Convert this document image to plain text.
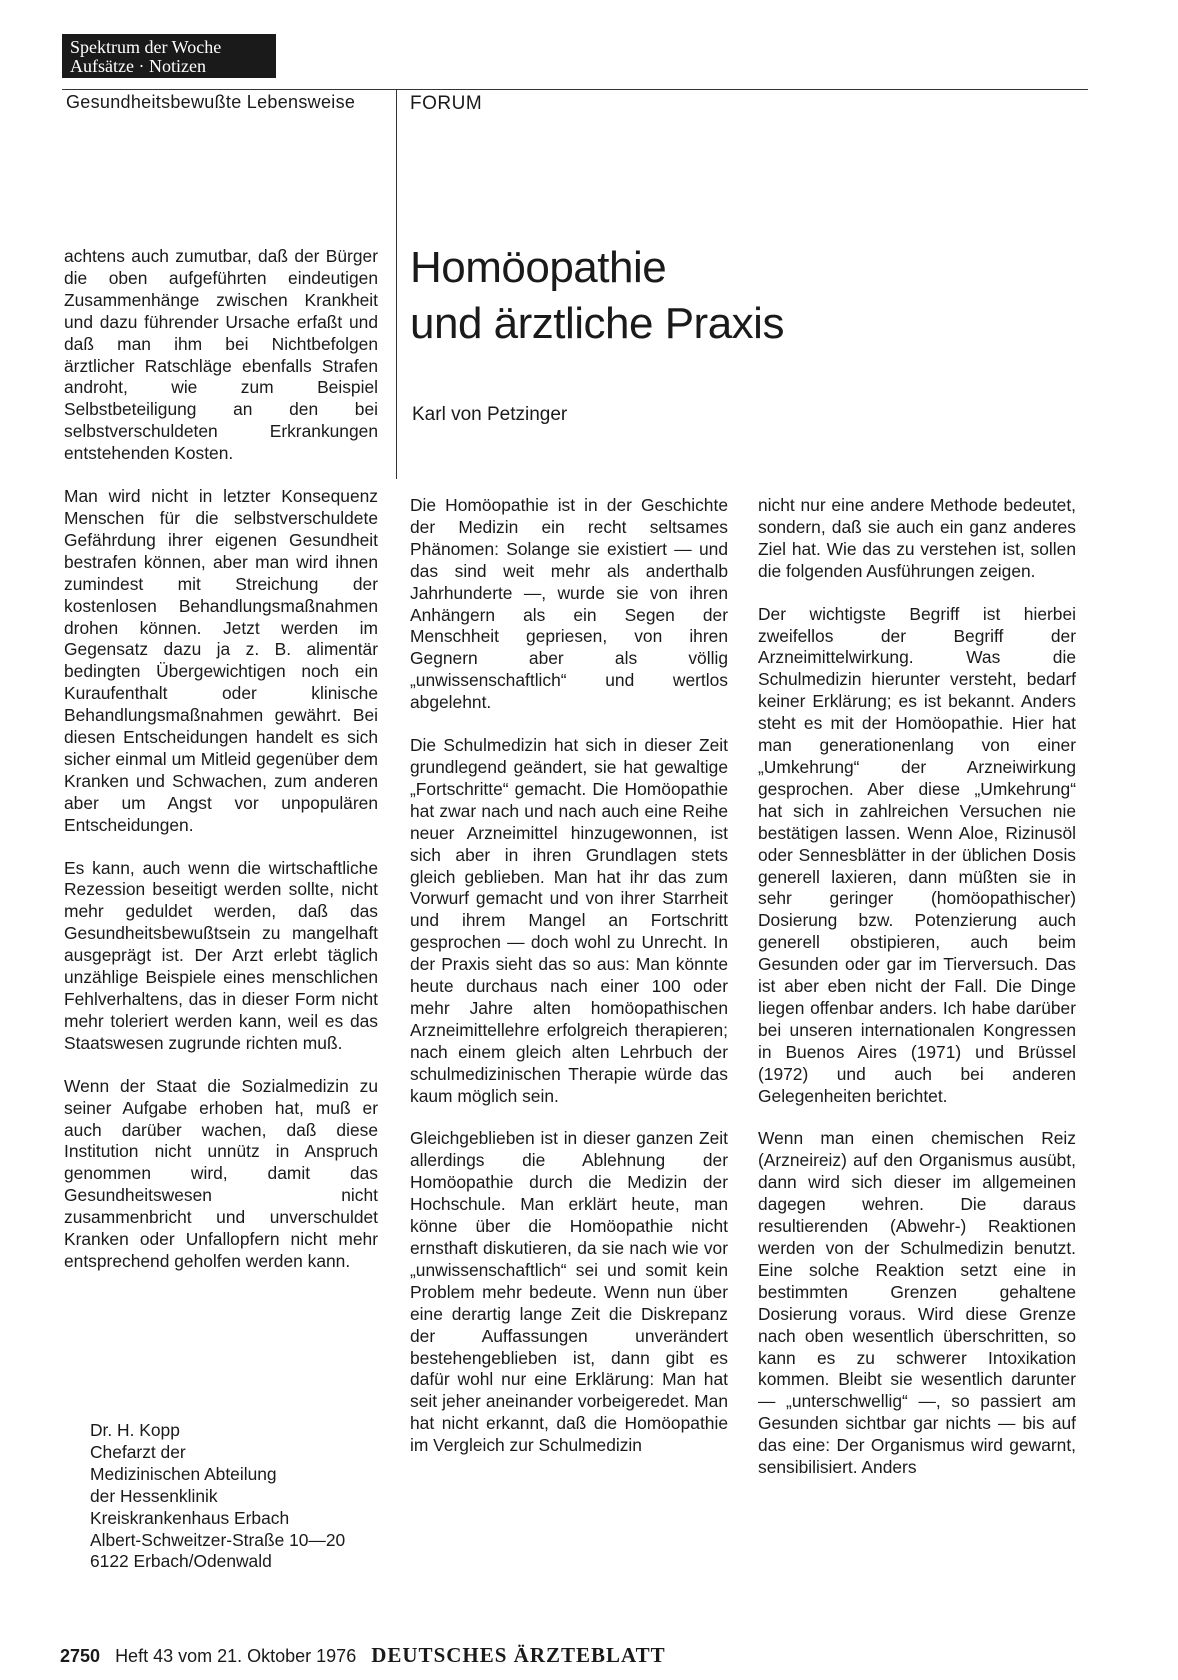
Spektrum der Woche
Aufsätze · Notizen
Gesundheitsbewußte Lebensweise	FORUM
Homöopathie
und ärztliche Praxis
Karl von Petzinger

achtens auch zumutbar, daß der Bürger die oben aufgeführten eindeutigen Zusammenhänge zwischen Krankheit und dazu führender Ursache erfaßt und daß man ihm bei Nichtbefolgen ärztlicher Ratschläge ebenfalls Strafen androht, wie zum Beispiel Selbstbeteiligung an den bei selbstverschuldeten Erkrankungen entstehenden Kosten.

Man wird nicht in letzter Konsequenz Menschen für die selbstverschuldete Gefährdung ihrer eigenen Gesundheit bestrafen können, aber man wird ihnen zumindest mit Streichung der kostenlosen Behandlungsmaßnahmen drohen können. Jetzt werden im Gegensatz dazu ja z. B. alimentär bedingten Übergewichtigen noch ein Kuraufenthalt oder klinische Behandlungsmaßnahmen gewährt. Bei diesen Entscheidungen handelt es sich sicher einmal um Mitleid gegenüber dem Kranken und Schwachen, zum anderen aber um Angst vor unpopulären Entscheidungen.

Es kann, auch wenn die wirtschaftliche Rezession beseitigt werden sollte, nicht mehr geduldet werden, daß das Gesundheitsbewußtsein zu mangelhaft ausgeprägt ist. Der Arzt erlebt täglich unzählige Beispiele eines menschlichen Fehlverhaltens, das in dieser Form nicht mehr toleriert werden kann, weil es das Staatswesen zugrunde richten muß.

Wenn der Staat die Sozialmedizin zu seiner Aufgabe erhoben hat, muß er auch darüber wachen, daß diese Institution nicht unnütz in Anspruch genommen wird, damit das Gesundheitswesen nicht zusammenbricht und unverschuldet Kranken oder Unfallopfern nicht mehr entsprechend geholfen werden kann.

Dr. H. Kopp
Chefarzt der
Medizinischen Abteilung
der Hessenklinik
Kreiskrankenhaus Erbach
Albert-Schweitzer-Straße 10—20
6122 Erbach/Odenwald

Die Homöopathie ist in der Geschichte der Medizin ein recht seltsames Phänomen: Solange sie existiert — und das sind weit mehr als anderthalb Jahrhunderte —, wurde sie von ihren Anhängern als ein Segen der Menschheit gepriesen, von ihren Gegnern aber als völlig „unwissenschaftlich“ und wertlos abgelehnt.

Die Schulmedizin hat sich in dieser Zeit grundlegend geändert, sie hat gewaltige „Fortschritte“ gemacht. Die Homöopathie hat zwar nach und nach auch eine Reihe neuer Arzneimittel hinzugewonnen, ist sich aber in ihren Grundlagen stets gleich geblieben. Man hat ihr das zum Vorwurf gemacht und von ihrer Starrheit und ihrem Mangel an Fortschritt gesprochen — doch wohl zu Unrecht. In der Praxis sieht das so aus: Man könnte heute durchaus nach einer 100 oder mehr Jahre alten homöopathischen Arzneimittellehre erfolgreich therapieren; nach einem gleich alten Lehrbuch der schulmedizinischen Therapie würde das kaum möglich sein.

Gleichgeblieben ist in dieser ganzen Zeit allerdings die Ablehnung der Homöopathie durch die Medizin der Hochschule. Man erklärt heute, man könne über die Homöopathie nicht ernsthaft diskutieren, da sie nach wie vor „unwissenschaftlich“ sei und somit kein Problem mehr bedeute. Wenn nun über eine derartig lange Zeit die Diskrepanz der Auffassungen unverändert bestehengeblieben ist, dann gibt es dafür wohl nur eine Erklärung: Man hat seit jeher aneinander vorbeigeredet. Man hat nicht erkannt, daß die Homöopathie im Vergleich zur Schulmedizin

nicht nur eine andere Methode bedeutet, sondern, daß sie auch ein ganz anderes Ziel hat. Wie das zu verstehen ist, sollen die folgenden Ausführungen zeigen.

Der wichtigste Begriff ist hierbei zweifellos der Begriff der Arzneimittelwirkung. Was die Schulmedizin hierunter versteht, bedarf keiner Erklärung; es ist bekannt. Anders steht es mit der Homöopathie. Hier hat man generationenlang von einer „Umkehrung“ der Arzneiwirkung gesprochen. Aber diese „Umkehrung“ hat sich in zahlreichen Versuchen nie bestätigen lassen. Wenn Aloe, Rizinusöl oder Sennesblätter in der üblichen Dosis generell laxieren, dann müßten sie in sehr geringer (homöopathischer) Dosierung bzw. Potenzierung auch generell obstipieren, auch beim Gesunden oder gar im Tierversuch. Das ist aber eben nicht der Fall. Die Dinge liegen offenbar anders. Ich habe darüber bei unseren internationalen Kongressen in Buenos Aires (1971) und Brüssel (1972) und auch bei anderen Gelegenheiten berichtet.

Wenn man einen chemischen Reiz (Arzneireiz) auf den Organismus ausübt, dann wird sich dieser im allgemeinen dagegen wehren. Die daraus resultierenden (Abwehr-) Reaktionen werden von der Schulmedizin benutzt. Eine solche Reaktion setzt eine in bestimmten Grenzen gehaltene Dosierung voraus. Wird diese Grenze nach oben wesentlich überschritten, so kann es zu schwerer Intoxikation kommen. Bleibt sie wesentlich darunter — „unterschwellig“ —, so passiert am Gesunden sichtbar gar nichts — bis auf das eine: Der Organismus wird gewarnt, sensibilisiert. Anders

2750 Heft 43 vom 21. Oktober 1976 DEUTSCHES ÄRZTEBLATT
